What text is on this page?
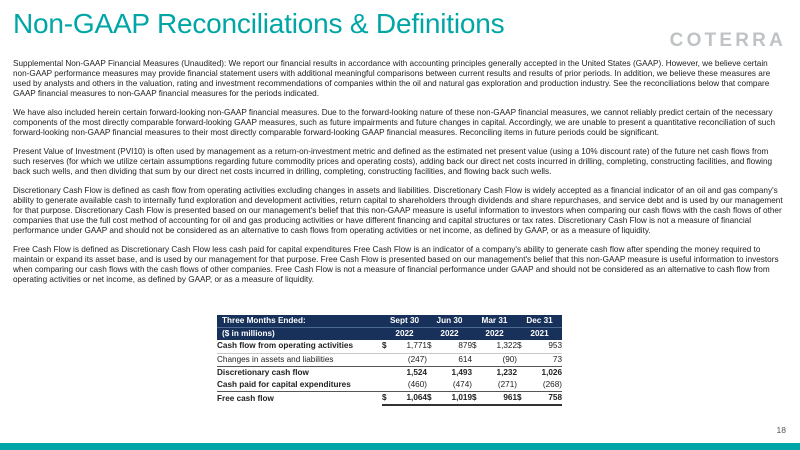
Non-GAAP Reconciliations & Definitions
COTERRA

Supplemental Non-GAAP Financial Measures (Unaudited): We report our financial results in accordance with accounting principles generally accepted in the United States (GAAP). However, we believe certain non-GAAP performance measures may provide financial statement users with additional meaningful comparisons between current results and results of prior periods. In addition, we believe these measures are used by analysts and others in the valuation, rating and investment recommendations of companies within the oil and natural gas exploration and production industry. See the reconciliations below that compare GAAP financial measures to non-GAAP financial measures for the periods indicated.

We have also included herein certain forward-looking non-GAAP financial measures. Due to the forward-looking nature of these non-GAAP financial measures, we cannot reliably predict certain of the necessary components of the most directly comparable forward-looking GAAP measures, such as future impairments and future changes in capital. Accordingly, we are unable to present a quantitative reconciliation of such forward-looking non-GAAP financial measures to their most directly comparable forward-looking GAAP financial measures. Reconciling items in future periods could be significant.

Present Value of Investment (PVI10) is often used by management as a return-on-investment metric and defined as the estimated net present value (using a 10% discount rate) of the future net cash flows from such reserves (for which we utilize certain assumptions regarding future commodity prices and operating costs), adding back our direct net costs incurred in drilling, completing, constructing facilities, and flowing back such wells, and then dividing that sum by our direct net costs incurred in drilling, completing, constructing facilities, and flowing back such wells.

Discretionary Cash Flow is defined as cash flow from operating activities excluding changes in assets and liabilities. Discretionary Cash Flow is widely accepted as a financial indicator of an oil and gas company's ability to generate available cash to internally fund exploration and development activities, return capital to shareholders through dividends and share repurchases, and service debt and is used by our management for that purpose. Discretionary Cash Flow is presented based on our management's belief that this non-GAAP measure is useful information to investors when comparing our cash flows with the cash flows of other companies that use the full cost method of accounting for oil and gas producing activities or have different financing and capital structures or tax rates. Discretionary Cash Flow is not a measure of financial performance under GAAP and should not be considered as an alternative to cash flows from operating activities or net income, as defined by GAAP, or as a measure of liquidity.

Free Cash Flow is defined as Discretionary Cash Flow less cash paid for capital expenditures Free Cash Flow is an indicator of a company's ability to generate cash flow after spending the money required to maintain or expand its asset base, and is used by our management for that purpose. Free Cash Flow is presented based on our management's belief that this non-GAAP measure is useful information to investors when comparing our cash flows with the cash flows of other companies. Free Cash Flow is not a measure of financial performance under GAAP and should not be considered as an alternative to cash flow from operating activities or net income, as defined by GAAP, or as a measure of liquidity.

Three Months Ended:	Sept 30		Jun 30		Mar 31		Dec 31	
($ in millions)	2022		2022		2022		2021	
Cash flow from operating activities	$	1,771	$	879	$	1,322	$	953
Changes in assets and liabilities		(247)		614		(90)		73
Discretionary cash flow		1,524		1,493		1,232		1,026
Cash paid for capital expenditures		(460)		(474)		(271)		(268)
Free cash flow	$	1,064	$	1,019	$	961	$	758
18
